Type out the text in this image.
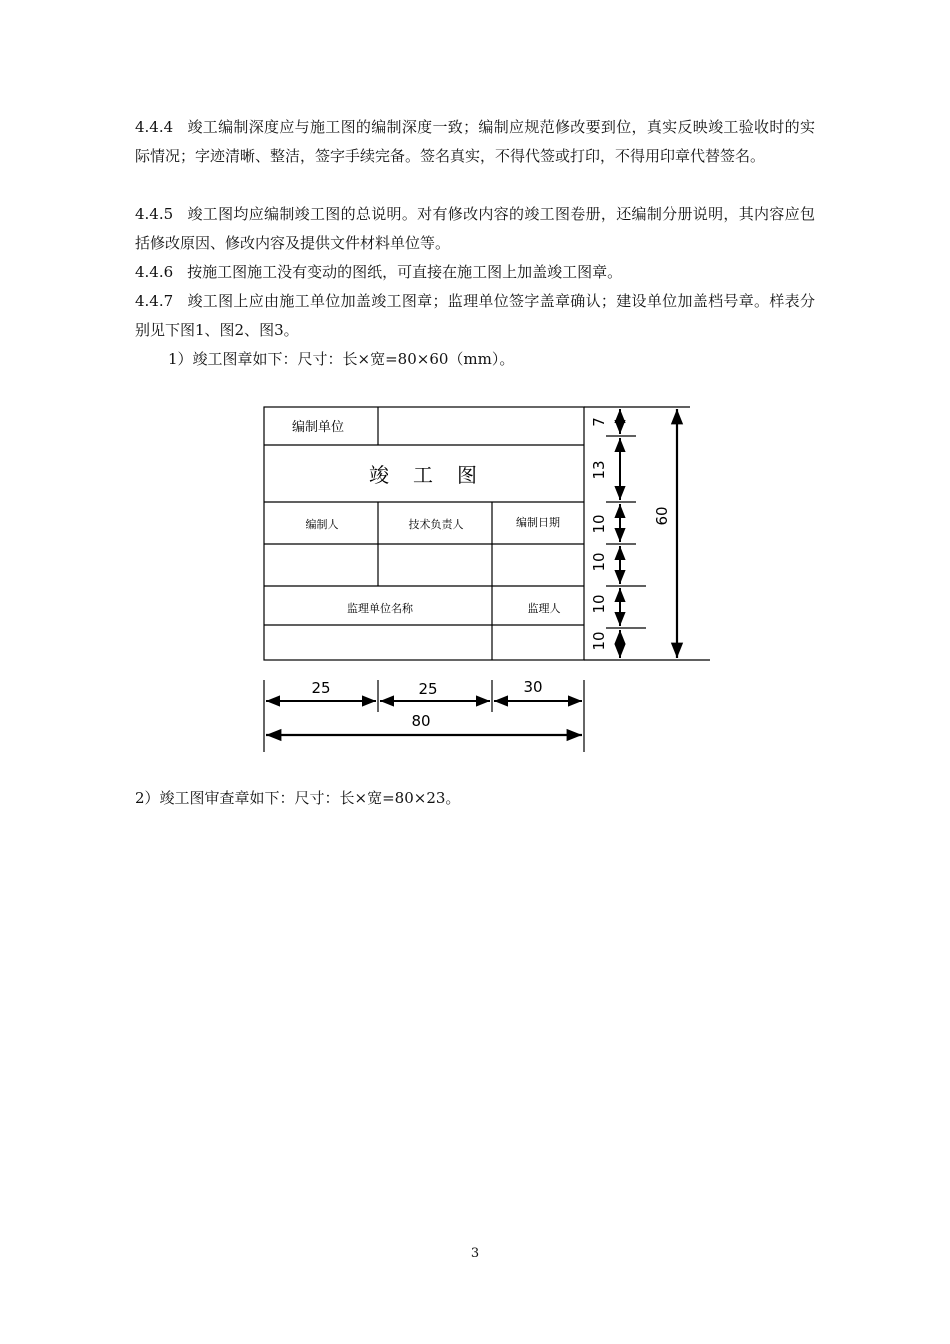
4.4.4 竣工编制深度应与施工图的编制深度一致；编制应规范修改要到位，真实反映竣工验收时的实际情况；字迹清晰、整洁，签字手续完备。签名真实，不得代签或打印，不得用印章代替签名。
4.4.5 竣工图均应编制竣工图的总说明。对有修改内容的竣工图卷册，还编制分册说明，其内容应包括修改原因、修改内容及提供文件材料单位等。
4.4.6 按施工图施工没有变动的图纸，可直接在施工图上加盖竣工图章。
4.4.7 竣工图上应由施工单位加盖竣工图章；监理单位签字盖章确认；建设单位加盖档号章。样表分别见下图1、图2、图3。
1）竣工图章如下：尺寸：长×宽=80×60（mm）。
编制单位
竣　工　图
编制人	技术负责人	编制日期
监理单位名称	监理人
7
13
10
10
10
10
60
25	25	30
80
2）竣工图审查章如下：尺寸：长×宽=80×23。
3
